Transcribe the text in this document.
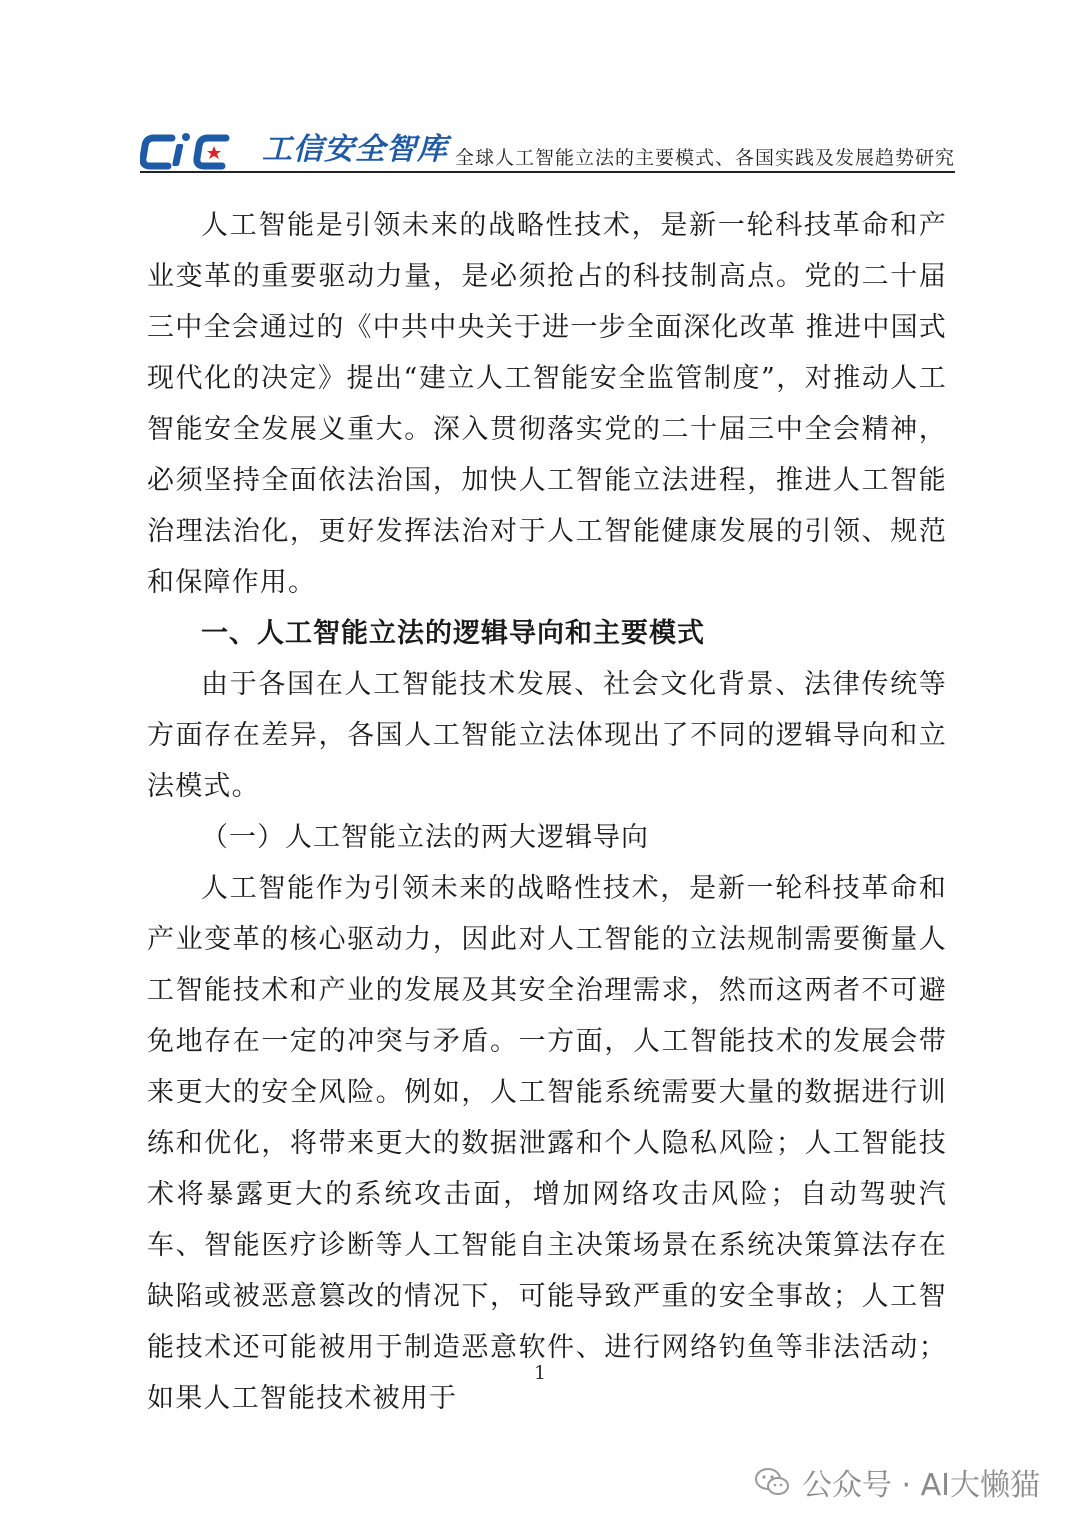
工信安全智库 全球人工智能立法的主要模式、各国实践及发展趋势研究

人工智能是引领未来的战略性技术，是新一轮科技革命和产业变革的重要驱动力量，是必须抢占的科技制高点。党的二十届三中全会通过的《中共中央关于进一步全面深化改革 推进中国式现代化的决定》提出“建立人工智能安全监管制度”，对推动人工智能安全发展义重大。深入贯彻落实党的二十届三中全会精神，必须坚持全面依法治国，加快人工智能立法进程，推进人工智能治理法治化，更好发挥法治对于人工智能健康发展的引领、规范和保障作用。

一、人工智能立法的逻辑导向和主要模式

由于各国在人工智能技术发展、社会文化背景、法律传统等方面存在差异，各国人工智能立法体现出了不同的逻辑导向和立法模式。

（一）人工智能立法的两大逻辑导向

人工智能作为引领未来的战略性技术，是新一轮科技革命和产业变革的核心驱动力，因此对人工智能的立法规制需要衡量人工智能技术和产业的发展及其安全治理需求，然而这两者不可避免地存在一定的冲突与矛盾。一方面，人工智能技术的发展会带来更大的安全风险。例如，人工智能系统需要大量的数据进行训练和优化，将带来更大的数据泄露和个人隐私风险；人工智能技术将暴露更大的系统攻击面，增加网络攻击风险；自动驾驶汽车、智能医疗诊断等人工智能自主决策场景在系统决策算法存在缺陷或被恶意篡改的情况下，可能导致严重的安全事故；人工智能技术还可能被用于制造恶意软件、进行网络钓鱼等非法活动；如果人工智能技术被用于

1
公众号 · AI大懒猫
